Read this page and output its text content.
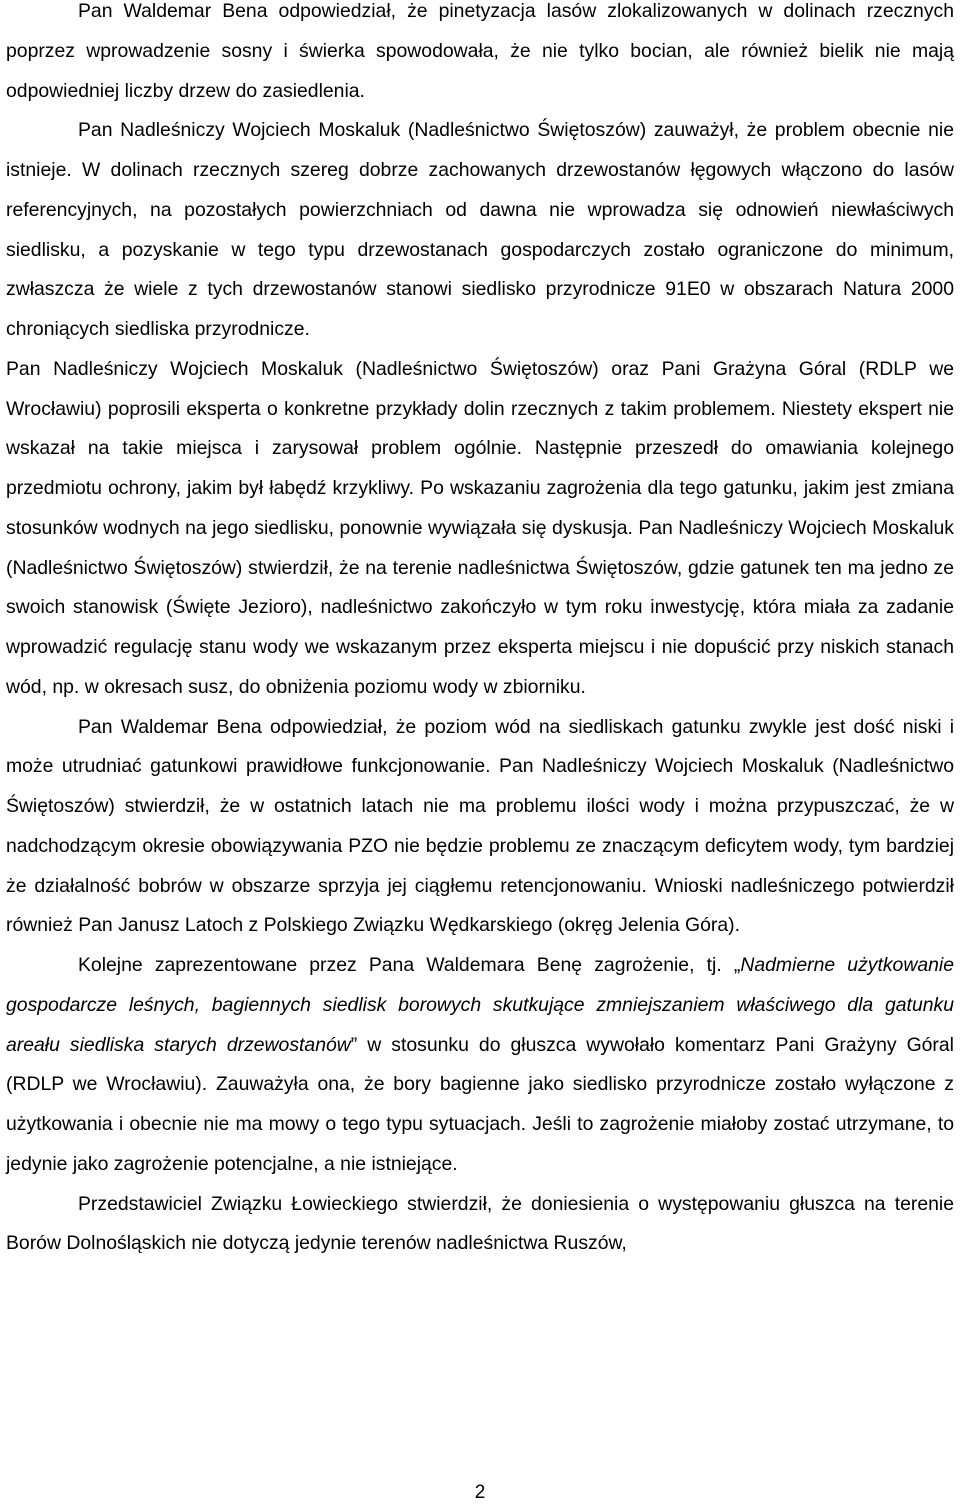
Pan Waldemar Bena odpowiedział, że pinetyzacja lasów zlokalizowanych w dolinach rzecznych poprzez wprowadzenie sosny i świerka spowodowała, że nie tylko bocian, ale również bielik nie mają odpowiedniej liczby drzew do zasiedlenia.

Pan Nadleśniczy Wojciech Moskaluk (Nadleśnictwo Świętoszów) zauważył, że problem obecnie nie istnieje. W dolinach rzecznych szereg dobrze zachowanych drzewostanów łęgowych włączono do lasów referencyjnych, na pozostałych powierzchniach od dawna nie wprowadza się odnowień niewłaściwych siedlisku, a pozyskanie w tego typu drzewostanach gospodarczych zostało ograniczone do minimum, zwłaszcza że wiele z tych drzewostanów stanowi siedlisko przyrodnicze 91E0 w obszarach Natura 2000 chroniących siedliska przyrodnicze.

Pan Nadleśniczy Wojciech Moskaluk (Nadleśnictwo Świętoszów) oraz Pani Grażyna Góral (RDLP we Wrocławiu) poprosili eksperta o konkretne przykłady dolin rzecznych z takim problemem. Niestety ekspert nie wskazał na takie miejsca i zarysował problem ogólnie. Następnie przeszedł do omawiania kolejnego przedmiotu ochrony, jakim był łabędź krzykliwy. Po wskazaniu zagrożenia dla tego gatunku, jakim jest zmiana stosunków wodnych na jego siedlisku, ponownie wywiązała się dyskusja. Pan Nadleśniczy Wojciech Moskaluk (Nadleśnictwo Świętoszów) stwierdził, że na terenie nadleśnictwa Świętoszów, gdzie gatunek ten ma jedno ze swoich stanowisk (Święte Jezioro), nadleśnictwo zakończyło w tym roku inwestycję, która miała za zadanie wprowadzić regulację stanu wody we wskazanym przez eksperta miejscu i nie dopuścić przy niskich stanach wód, np. w okresach susz, do obniżenia poziomu wody w zbiorniku.

Pan Waldemar Bena odpowiedział, że poziom wód na siedliskach gatunku zwykle jest dość niski i może utrudniać gatunkowi prawidłowe funkcjonowanie. Pan Nadleśniczy Wojciech Moskaluk (Nadleśnictwo Świętoszów) stwierdził, że w ostatnich latach nie ma problemu ilości wody i można przypuszczać, że w nadchodzącym okresie obowiązywania PZO nie będzie problemu ze znaczącym deficytem wody, tym bardziej że działalność bobrów w obszarze sprzyja jej ciągłemu retencjonowaniu. Wnioski nadleśniczego potwierdził również Pan Janusz Latoch z Polskiego Związku Wędkarskiego (okręg Jelenia Góra).

Kolejne zaprezentowane przez Pana Waldemara Benę zagrożenie, tj. „Nadmierne użytkowanie gospodarcze leśnych, bagiennych siedlisk borowych skutkujące zmniejszaniem właściwego dla gatunku areału siedliska starych drzewostanów” w stosunku do głuszca wywołało komentarz Pani Grażyny Góral (RDLP we Wrocławiu). Zauważyła ona, że bory bagienne jako siedlisko przyrodnicze zostało wyłączone z użytkowania i obecnie nie ma mowy o tego typu sytuacjach. Jeśli to zagrożenie miałoby zostać utrzymane, to jedynie jako zagrożenie potencjalne, a nie istniejące.

Przedstawiciel Związku Łowieckiego stwierdził, że doniesienia o występowaniu głuszca na terenie Borów Dolnośląskich nie dotyczą jedynie terenów nadleśnictwa Ruszów,

2
